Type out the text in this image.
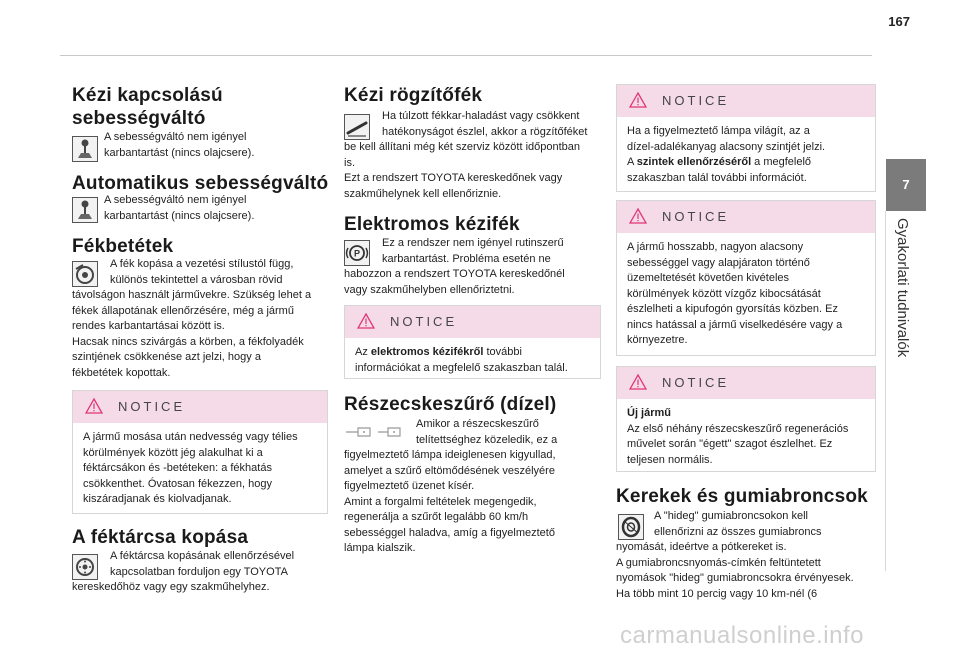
167
7
Gyakorlati tudnivalók
Kézi kapcsolású
sebességváltó
A sebességváltó nem igényel
karbantartást (nincs olajcsere).
Automatikus sebességváltó
A sebességváltó nem igényel
karbantartást (nincs olajcsere).
Fékbetétek
A fék kopása a vezetési stílustól függ,
különös tekintettel a városban rövid
távolságon használt járművekre. Szükség lehet a
fékek állapotának ellenőrzésére, még a jármű
rendes karbantartásai között is.
Hacsak nincs szivárgás a körben, a fékfolyadék
szintjének csökkenése azt jelzi, hogy a
fékbetétek kopottak.
NOTICE
A jármű mosása után nedvesség vagy télies
körülmények között jég alakulhat ki a
féktárcsákon és -betéteken: a fékhatás
csökkenthet. Óvatosan fékezzen, hogy
kiszáradjanak és kiolvadjanak.
A féktárcsa kopása
A féktárcsa kopásának ellenőrzésével
kapcsolatban forduljon egy TOYOTA
kereskedőhöz vagy egy szakműhelyhez.
Kézi rögzítőfék
Ha túlzott fékkar-haladást vagy csökkent
hatékonyságot észlel, akkor a rögzítőféket
be kell állítani még két szerviz között időpontban
is.
Ezt a rendszert TOYOTA kereskedőnek vagy
szakműhelynek kell ellenőriznie.
Elektromos kézifék
P
Ez a rendszer nem igényel rutinszerű
karbantartást. Probléma esetén ne
habozzon a rendszert TOYOTA kereskedőnél
vagy szakműhelyben ellenőriztetni.
NOTICE
Az elektromos kézifékről további
információkat a megfelelő szakaszban talál.
Részecskeszűrő (dízel)
Amikor a részecskeszűrő
telítettséghez közeledik, ez a
figyelmeztető lámpa ideiglenesen kigyullad,
amelyet a szűrő eltömődésének veszélyére
figyelmeztető üzenet kísér.
Amint a forgalmi feltételek megengedik,
regenerálja a szűrőt legalább 60 km/h
sebességgel haladva, amíg a figyelmeztető
lámpa kialszik.
NOTICE
Ha a figyelmeztető lámpa világít, az a
dízel-adalékanyag alacsony szintjét jelzi.
A szintek ellenőrzéséről a megfelelő
szakaszban talál további információt.
NOTICE
A jármű hosszabb, nagyon alacsony
sebességgel vagy alapjáraton történő
üzemeltetését követően kivételes
körülmények között vízgőz kibocsátását
észlelheti a kipufogón gyorsítás közben. Ez
nincs hatással a jármű viselkedésére vagy a
környezetre.
NOTICE
Új jármű
Az első néhány részecskeszűrő regenerációs
művelet során "égett" szagot észlelhet. Ez
teljesen normális.
Kerekek és gumiabroncsok
A "hideg" gumiabroncsokon kell
ellenőrizni az összes gumiabroncs
nyomását, ideértve a pótkereket is.
A gumiabroncsnyomás-címkén feltüntetett
nyomások "hideg" gumiabroncsokra érvényesek.
Ha több mint 10 percig vagy 10 km-nél (6
carmanualsonline.info
